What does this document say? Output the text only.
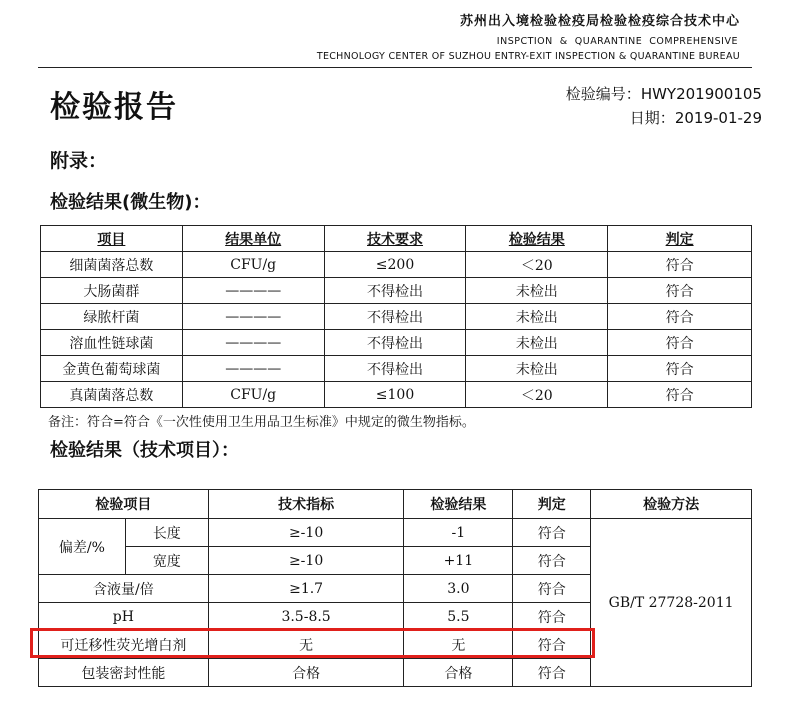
苏州出入境检验检疫局检验检疫综合技术中心
INSPCTION  &  QUARANTINE  COMPREHENSIVE
TECHNOLOGY CENTER OF SUZHOU ENTRY-EXIT INSPECTION & QUARANTINE BUREAU
检验报告	检验编号：HWY201900105
日期：2019-01-29
附录：
检验结果(微生物)：
项目	结果单位	技术要求	检验结果	判定
细菌菌落总数	CFU/g	≤200	＜20	符合
大肠菌群	————	不得检出	未检出	符合
绿脓杆菌	————	不得检出	未检出	符合
溶血性链球菌	————	不得检出	未检出	符合
金黄色葡萄球菌	————	不得检出	未检出	符合
真菌菌落总数	CFU/g	≤100	＜20	符合
备注：符合=符合《一次性使用卫生用品卫生标准》中规定的微生物指标。
检验结果（技术项目）：
检验项目		技术指标	检验结果	判定	检验方法
偏差/%	长度	≥-10	-1	符合	GB/T 27728-2011
	宽度	≥-10	+11	符合	
含液量/倍		≥1.7	3.0	符合	
pH		3.5-8.5	5.5	符合	
可迁移性荧光增白剂		无	无	符合	
包装密封性能		合格	合格	符合	
